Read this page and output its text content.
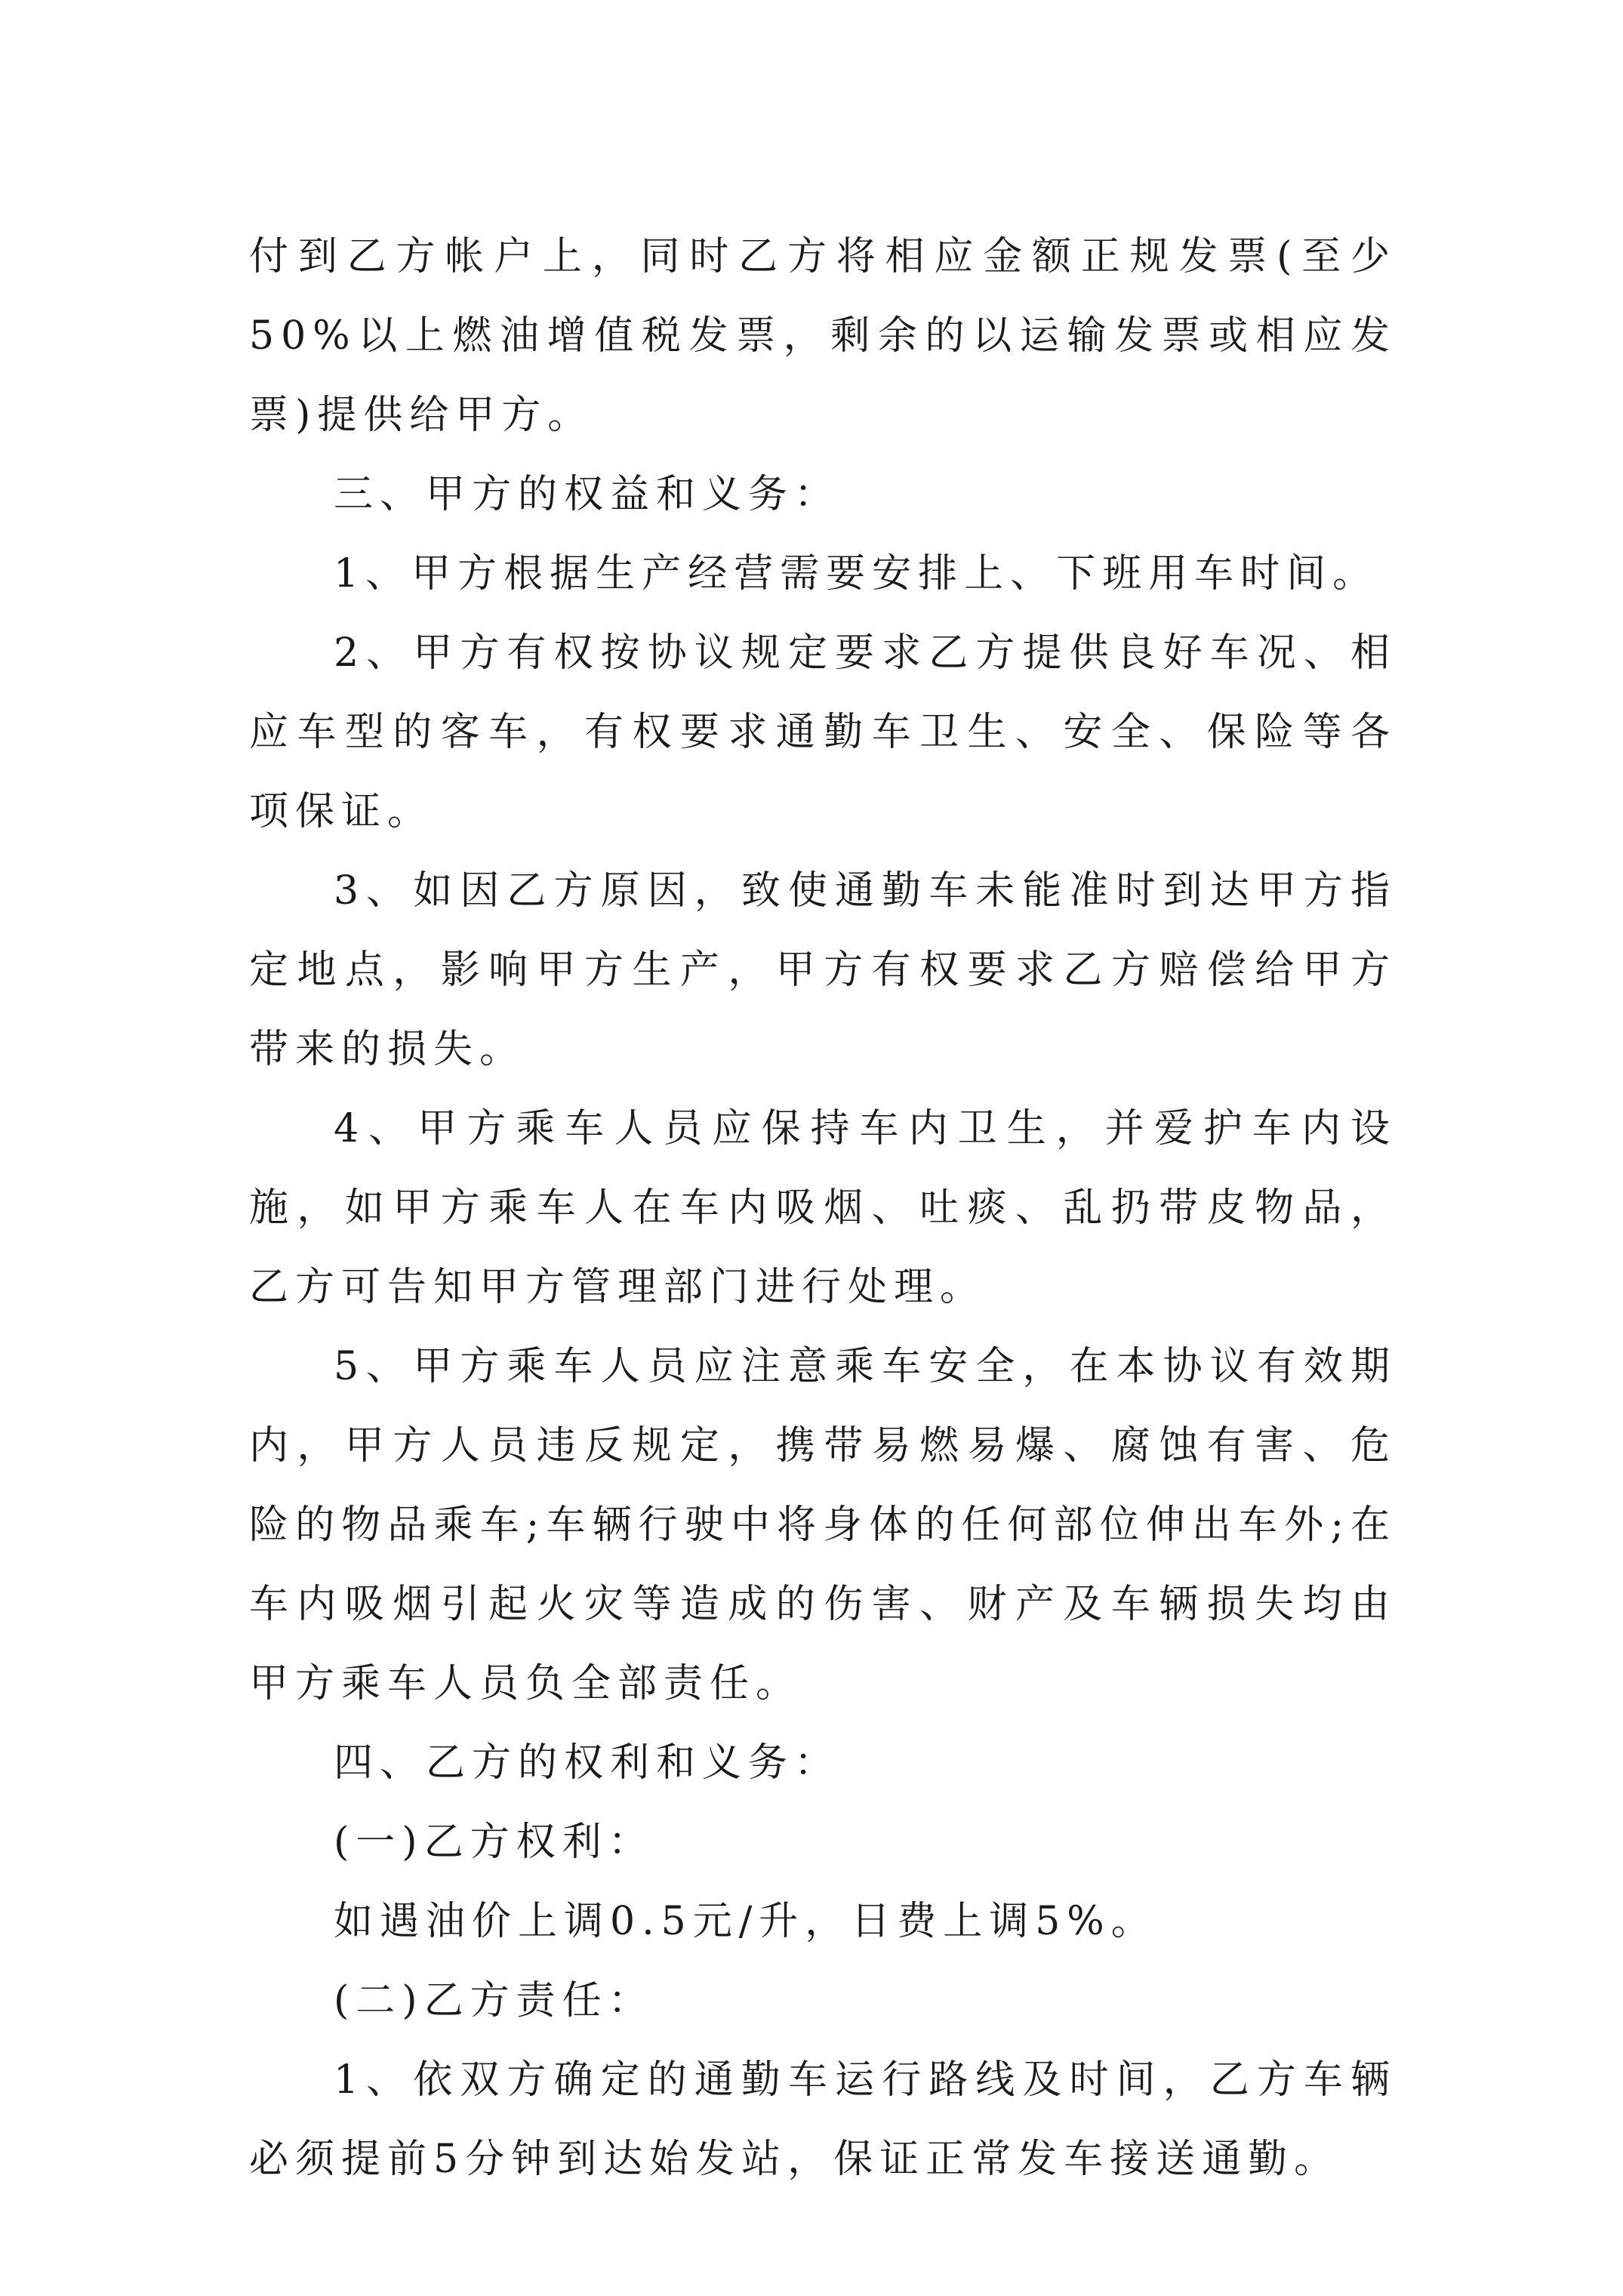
付到乙方帐户上，同时乙方将相应金额正规发票(至少50%以上燃油增值税发票，剩余的以运输发票或相应发票)提供给甲方。

三、甲方的权益和义务：

1、甲方根据生产经营需要安排上、下班用车时间。

2、甲方有权按协议规定要求乙方提供良好车况、相应车型的客车，有权要求通勤车卫生、安全、保险等各项保证。

3、如因乙方原因，致使通勤车未能准时到达甲方指定地点，影响甲方生产，甲方有权要求乙方赔偿给甲方带来的损失。

4、甲方乘车人员应保持车内卫生，并爱护车内设施，如甲方乘车人在车内吸烟、吐痰、乱扔带皮物品，乙方可告知甲方管理部门进行处理。

5、甲方乘车人员应注意乘车安全，在本协议有效期内，甲方人员违反规定，携带易燃易爆、腐蚀有害、危险的物品乘车;车辆行驶中将身体的任何部位伸出车外;在车内吸烟引起火灾等造成的伤害、财产及车辆损失均由甲方乘车人员负全部责任。

四、乙方的权利和义务：

(一)乙方权利：

如遇油价上调0.5元/升，日费上调5%。

(二)乙方责任：

1、依双方确定的通勤车运行路线及时间，乙方车辆必须提前5分钟到达始发站，保证正常发车接送通勤。
